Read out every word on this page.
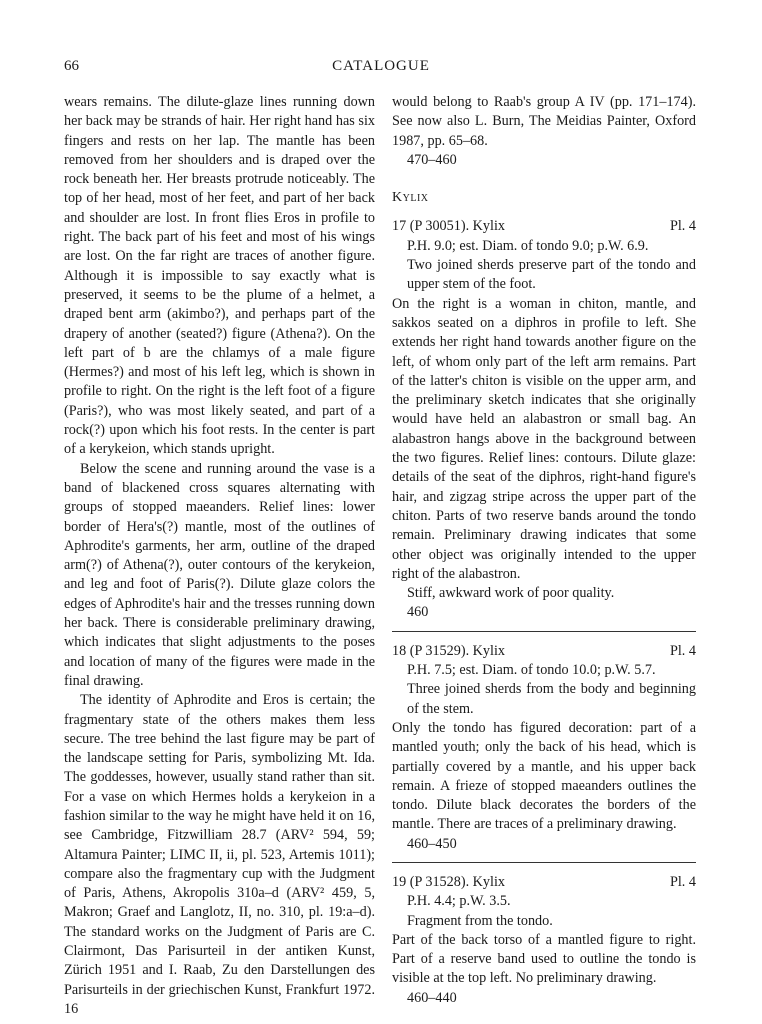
66	CATALOGUE

wears remains. The dilute-glaze lines running down her back may be strands of hair. Her right hand has six fingers and rests on her lap. The mantle has been removed from her shoulders and is draped over the rock beneath her. Her breasts protrude noticeably. The top of her head, most of her feet, and part of her back and shoulder are lost. In front flies Eros in profile to right. The back part of his feet and most of his wings are lost. On the far right are traces of another figure. Although it is impossible to say exactly what is preserved, it seems to be the plume of a helmet, a draped bent arm (akimbo?), and perhaps part of the drapery of another (seated?) figure (Athena?). On the left part of b are the chlamys of a male figure (Hermes?) and most of his left leg, which is shown in profile to right. On the right is the left foot of a figure (Paris?), who was most likely seated, and part of a rock(?) upon which his foot rests. In the center is part of a kerykeion, which stands upright.

Below the scene and running around the vase is a band of blackened cross squares alternating with groups of stopped maeanders. Relief lines: lower border of Hera's(?) mantle, most of the outlines of Aphrodite's garments, her arm, outline of the draped arm(?) of Athena(?), outer contours of the kerykeion, and leg and foot of Paris(?). Dilute glaze colors the edges of Aphrodite's hair and the tresses running down her back. There is considerable preliminary drawing, which indicates that slight adjustments to the poses and location of many of the figures were made in the final drawing.

The identity of Aphrodite and Eros is certain; the fragmentary state of the others makes them less secure. The tree behind the last figure may be part of the landscape setting for Paris, symbolizing Mt. Ida. The goddesses, however, usually stand rather than sit. For a vase on which Hermes holds a kerykeion in a fashion similar to the way he might have held it on 16, see Cambridge, Fitzwilliam 28.7 (ARV² 594, 59; Altamura Painter; LIMC II, ii, pl. 523, Artemis 1011); compare also the fragmentary cup with the Judgment of Paris, Athens, Akropolis 310a–d (ARV² 459, 5, Makron; Graef and Langlotz, II, no. 310, pl. 19:a–d). The standard works on the Judgment of Paris are C. Clairmont, Das Parisurteil in der antiken Kunst, Zürich 1951 and I. Raab, Zu den Darstellungen des Parisurteils in der griechischen Kunst, Frankfurt 1972. 16

would belong to Raab's group A IV (pp. 171–174). See now also L. Burn, The Meidias Painter, Oxford 1987, pp. 65–68.

470–460

Kylix
17 (P 30051). Kylix	Pl. 4

P.H. 9.0; est. Diam. of tondo 9.0; p.W. 6.9.

Two joined sherds preserve part of the tondo and upper stem of the foot.

On the right is a woman in chiton, mantle, and sakkos seated on a diphros in profile to left. She extends her right hand towards another figure on the left, of whom only part of the left arm remains. Part of the latter's chiton is visible on the upper arm, and the preliminary sketch indicates that she originally would have held an alabastron or small bag. An alabastron hangs above in the background between the two figures. Relief lines: contours. Dilute glaze: details of the seat of the diphros, right-hand figure's hair, and zigzag stripe across the upper part of the chiton. Parts of two reserve bands around the tondo remain. Preliminary drawing indicates that some other object was originally intended to the upper right of the alabastron.

Stiff, awkward work of poor quality.

460

18 (P 31529). Kylix	Pl. 4

P.H. 7.5; est. Diam. of tondo 10.0; p.W. 5.7.

Three joined sherds from the body and beginning of the stem.

Only the tondo has figured decoration: part of a mantled youth; only the back of his head, which is partially covered by a mantle, and his upper back remain. A frieze of stopped maeanders outlines the tondo. Dilute black decorates the borders of the mantle. There are traces of a preliminary drawing.

460–450

19 (P 31528). Kylix	Pl. 4

P.H. 4.4; p.W. 3.5.

Fragment from the tondo.

Part of the back torso of a mantled figure to right. Part of a reserve band used to outline the tondo is visible at the top left. No preliminary drawing.

460–440
